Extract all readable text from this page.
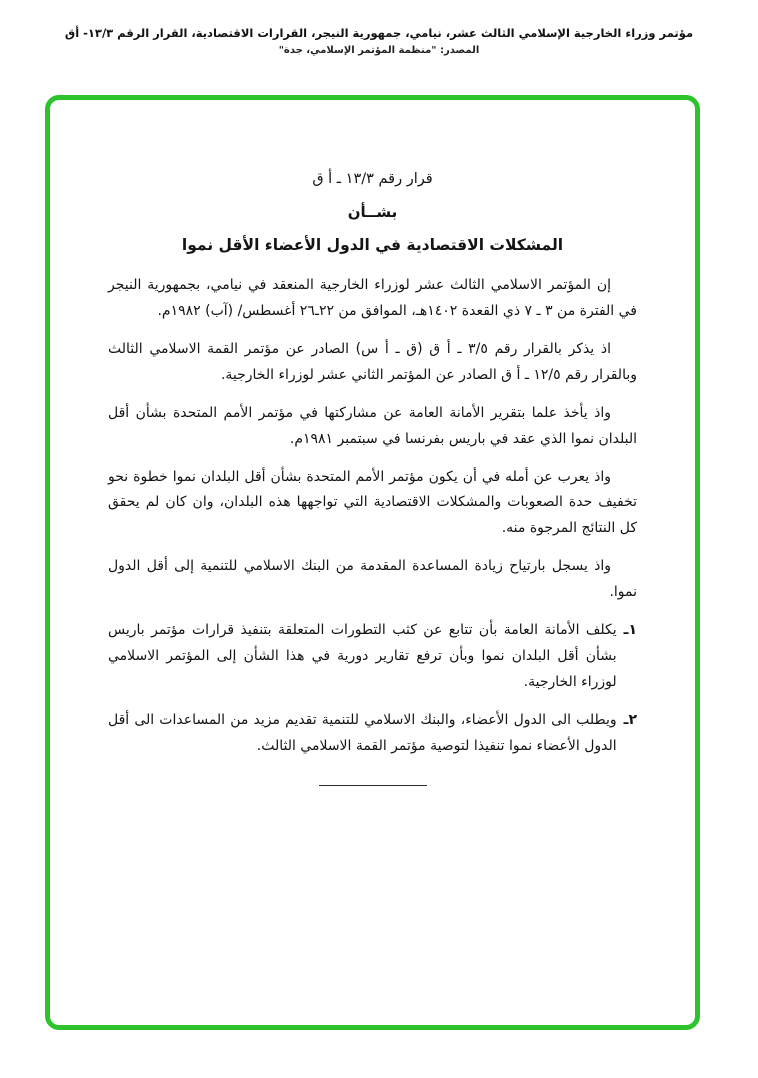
مؤتمر وزراء الخارجية الإسلامي الثالث عشر، نيامي، جمهورية النيجر، القرارات الاقتصادية، القرار الرقم ١٣/٣- أق
المصدر: "منظمة المؤتمر الإسلامي، جدة"
قرار رقم ١٣/٣ ـ أ ق
بشــأن
المشكلات الاقتصادية في الدول الأعضاء الأقل نموا

إن المؤتمر الاسلامي الثالث عشر لوزراء الخارجية المنعقد في نيامي، بجمهورية النيجر في الفترة من ٣ ـ ٧ ذي القعدة ١٤٠٢هـ، الموافق من ٢٢ـ٢٦ أغسطس/ (آب) ١٩٨٢م.

اذ يذكر بالقرار رقم ٣/٥ ـ أ ق (ق ـ أ س) الصادر عن مؤتمر القمة الاسلامي الثالث وبالقرار رقم ١٢/٥ ـ أ ق الصادر عن المؤتمر الثاني عشر لوزراء الخارجية.

واذ يأخذ علما بتقرير الأمانة العامة عن مشاركتها في مؤتمر الأمم المتحدة بشأن أقل البلدان نموا الذي عقد في باريس بفرنسا في سبتمبر ١٩٨١م.

واذ يعرب عن أمله في أن يكون مؤتمر الأمم المتحدة بشأن أقل البلدان نموا خطوة نحو تخفيف حدة الصعوبات والمشكلات الاقتصادية التي تواجهها هذه البلدان، وان كان لم يحقق كل النتائج المرجوة منه.

واذ يسجل بارتياح زيادة المساعدة المقدمة من البنك الاسلامي للتنمية إلى أقل الدول نموا.

١ـ
يكلف الأمانة العامة بأن تتابع عن كثب التطورات المتعلقة بتنفيذ قرارات مؤتمر باريس بشأن أقل البلدان نموا وبأن ترفع تقارير دورية في هذا الشأن إلى المؤتمر الاسلامي لوزراء الخارجية.
٢ـ
ويطلب الى الدول الأعضاء، والبنك الاسلامي للتنمية تقديم مزيد من المساعدات الى أقل الدول الأعضاء نموا تنفيذا لتوصية مؤتمر القمة الاسلامي الثالث.
